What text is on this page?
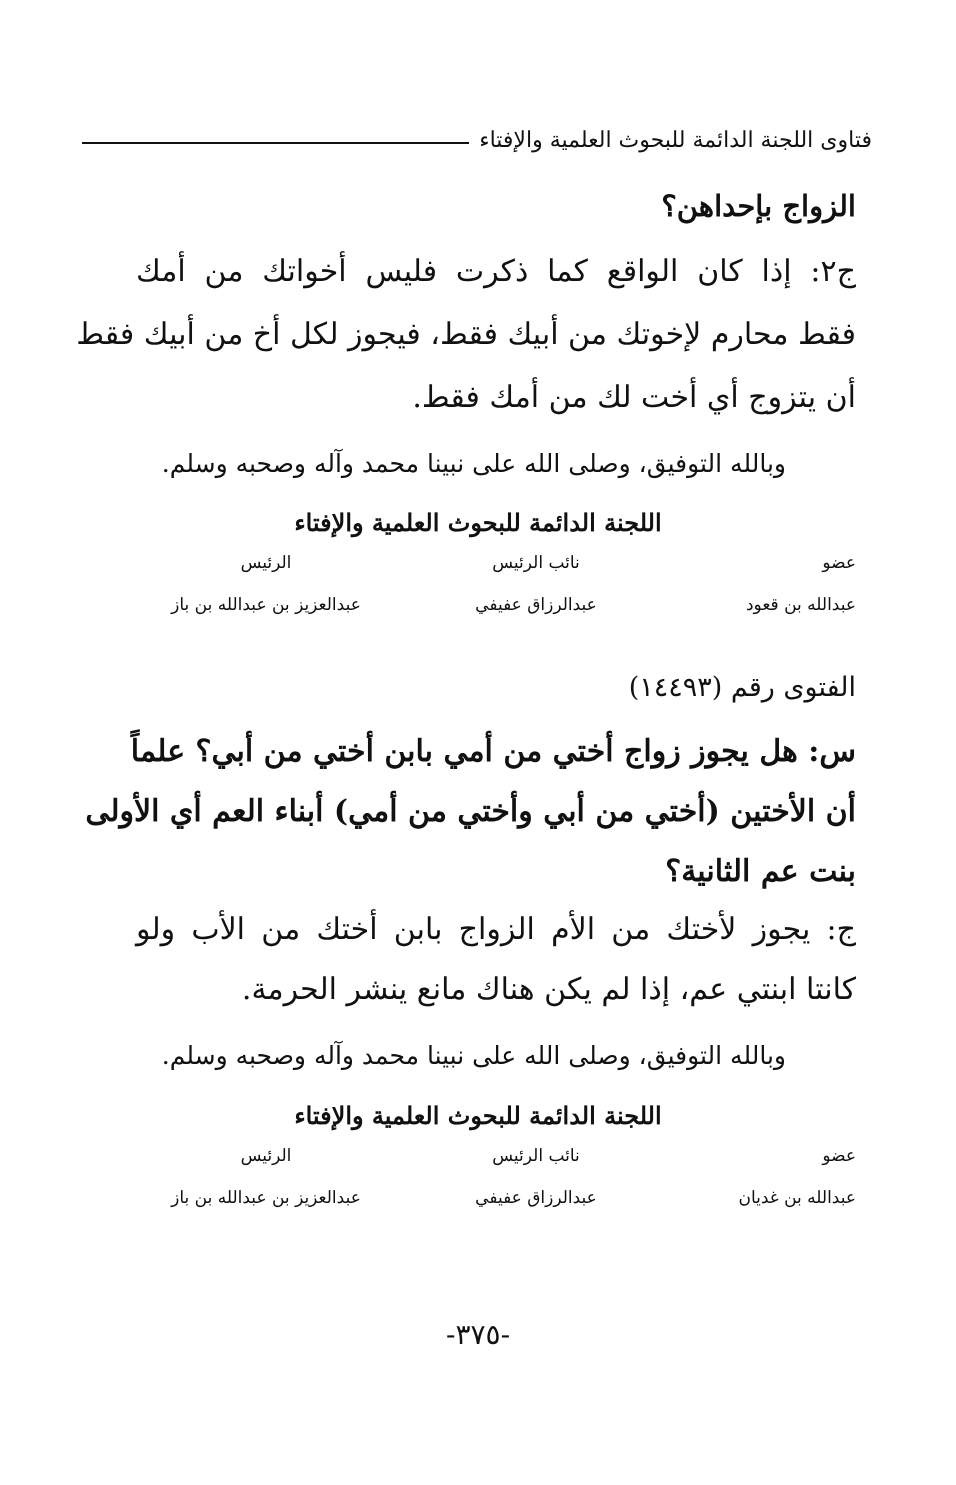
فتاوى اللجنة الدائمة للبحوث العلمية والإفتاء
الزواج بإحداهن؟
ج٢: إذا كان الواقع كما ذكرت فليس أخواتك من أمك
فقط محارم لإخوتك من أبيك فقط، فيجوز لكل أخ من أبيك فقط
أن يتزوج أي أخت لك من أمك فقط.
وبالله التوفيق، وصلى الله على نبينا محمد وآله وصحبه وسلم.
اللجنة الدائمة للبحوث العلمية والإفتاء
عضو
نائب الرئيس
الرئيس
عبدالله بن قعود
عبدالرزاق عفيفي
عبدالعزيز بن عبدالله بن باز
الفتوى رقم (١٤٤٩٣)
س: هل يجوز زواج أختي من أمي بابن أختي من أبي؟ علماً
أن الأختين (أختي من أبي وأختي من أمي) أبناء العم أي الأولى
بنت عم الثانية؟
ج: يجوز لأختك من الأم الزواج بابن أختك من الأب ولو
كانتا ابنتي عم، إذا لم يكن هناك مانع ينشر الحرمة.
وبالله التوفيق، وصلى الله على نبينا محمد وآله وصحبه وسلم.
اللجنة الدائمة للبحوث العلمية والإفتاء
عضو
نائب الرئيس
الرئيس
عبدالله بن غديان
عبدالرزاق عفيفي
عبدالعزيز بن عبدالله بن باز
-٣٧٥-
